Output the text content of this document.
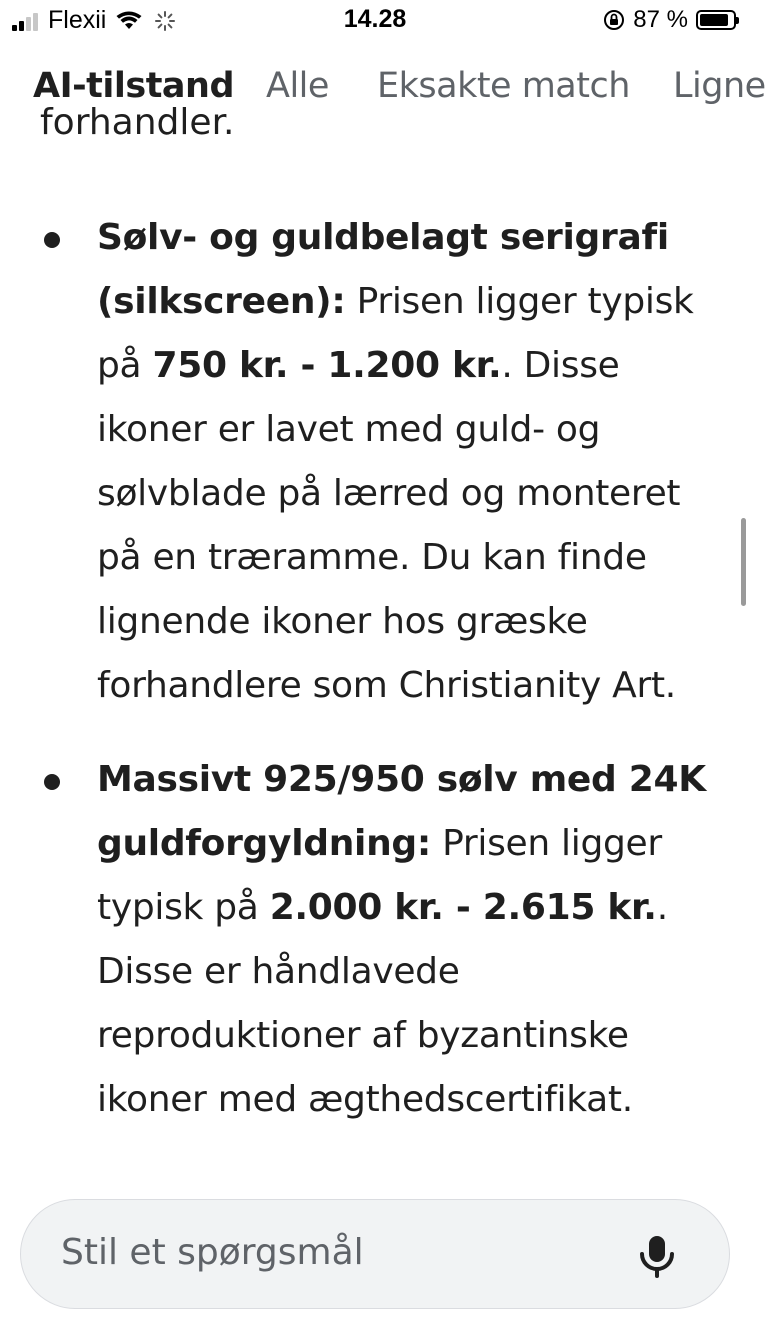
Flexii	14.28	87 %
AI-tilstand Alle Eksakte match Ligne
forhandler.
Sølv- og guldbelagt serigrafi (silkscreen): Prisen ligger typisk på 750 kr. - 1.200 kr.. Disse ikoner er lavet med guld- og sølvblade på lærred og monteret på en træramme. Du kan finde lignende ikoner hos græske forhandlere som Christianity Art.
Massivt 925/950 sølv med 24K guldforgyldning: Prisen ligger typisk på 2.000 kr. - 2.615 kr.. Disse er håndlavede reproduktioner af byzantinske ikoner med ægthedscertifikat.
Stil et spørgsmål
